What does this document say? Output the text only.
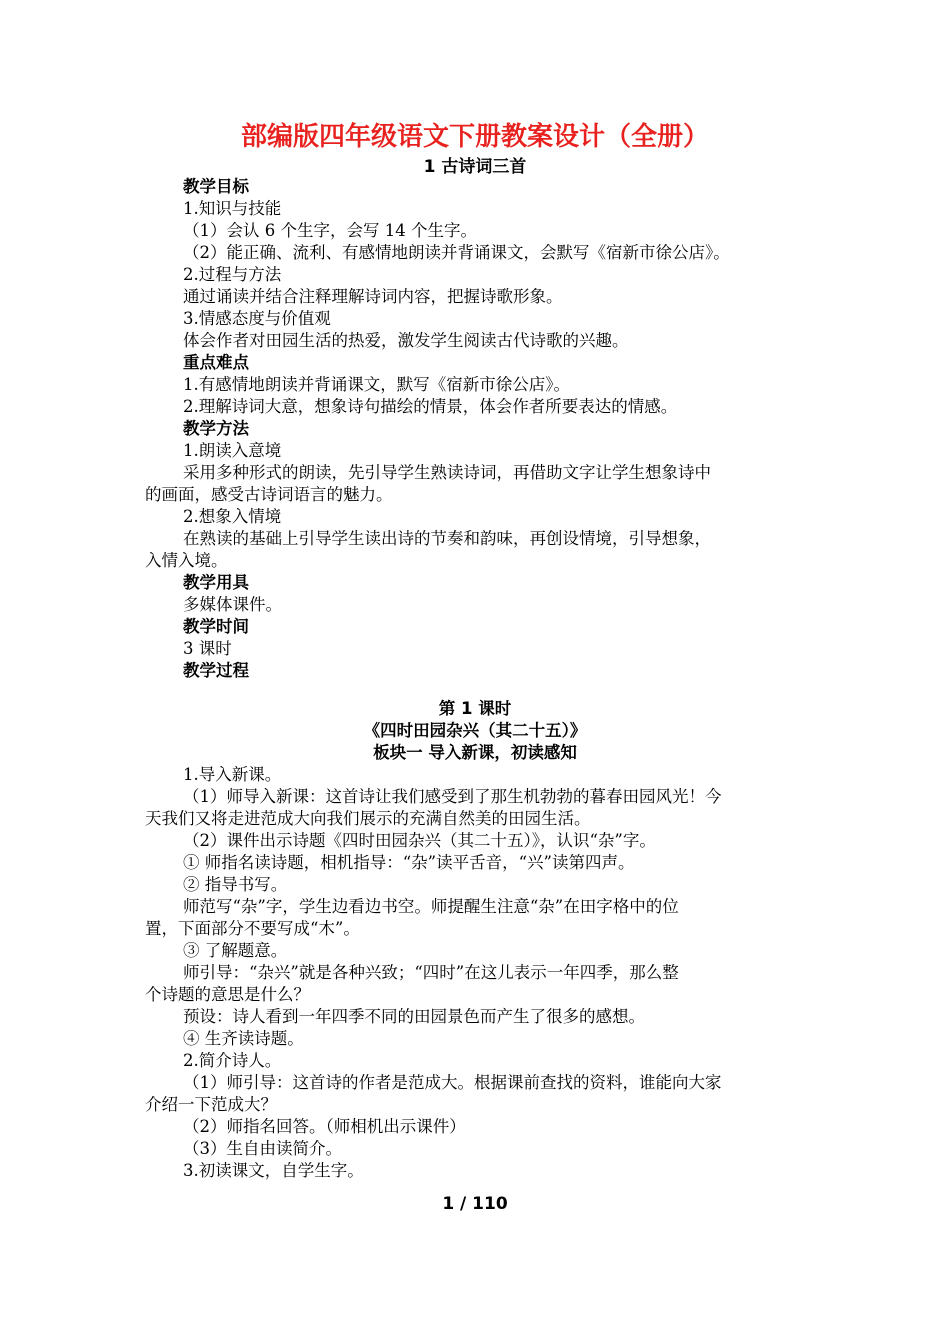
部编版四年级语文下册教案设计（全册）
1 古诗词三首
教学目标
1.知识与技能
（1）会认 6 个生字，会写 14 个生字。
（2）能正确、流利、有感情地朗读并背诵课文，会默写《宿新市徐公店》。
2.过程与方法
通过诵读并结合注释理解诗词内容，把握诗歌形象。
3.情感态度与价值观
体会作者对田园生活的热爱，激发学生阅读古代诗歌的兴趣。
重点难点
1.有感情地朗读并背诵课文，默写《宿新市徐公店》。
2.理解诗词大意，想象诗句描绘的情景，体会作者所要表达的情感。
教学方法
1.朗读入意境
采用多种形式的朗读，先引导学生熟读诗词，再借助文字让学生想象诗中
的画面，感受古诗词语言的魅力。
2.想象入情境
在熟读的基础上引导学生读出诗的节奏和韵味，再创设情境，引导想象，
入情入境。
教学用具
多媒体课件。
教学时间
3 课时
教学过程
第 1 课时
《四时田园杂兴（其二十五）》
板块一 导入新课，初读感知
1.导入新课。
（1）师导入新课：这首诗让我们感受到了那生机勃勃的暮春田园风光！今
天我们又将走进范成大向我们展示的充满自然美的田园生活。
（2）课件出示诗题《四时田园杂兴（其二十五）》，认识“杂”字。
① 师指名读诗题，相机指导：“杂”读平舌音，“兴”读第四声。
② 指导书写。
师范写“杂”字，学生边看边书空。师提醒生注意“杂”在田字格中的位
置，下面部分不要写成“木”。
③ 了解题意。
师引导：“杂兴”就是各种兴致；“四时”在这儿表示一年四季，那么整
个诗题的意思是什么？
预设：诗人看到一年四季不同的田园景色而产生了很多的感想。
④ 生齐读诗题。
2.简介诗人。
（1）师引导：这首诗的作者是范成大。根据课前查找的资料，谁能向大家
介绍一下范成大？
（2）师指名回答。（师相机出示课件）
（3）生自由读简介。
3.初读课文，自学生字。
1 / 110
